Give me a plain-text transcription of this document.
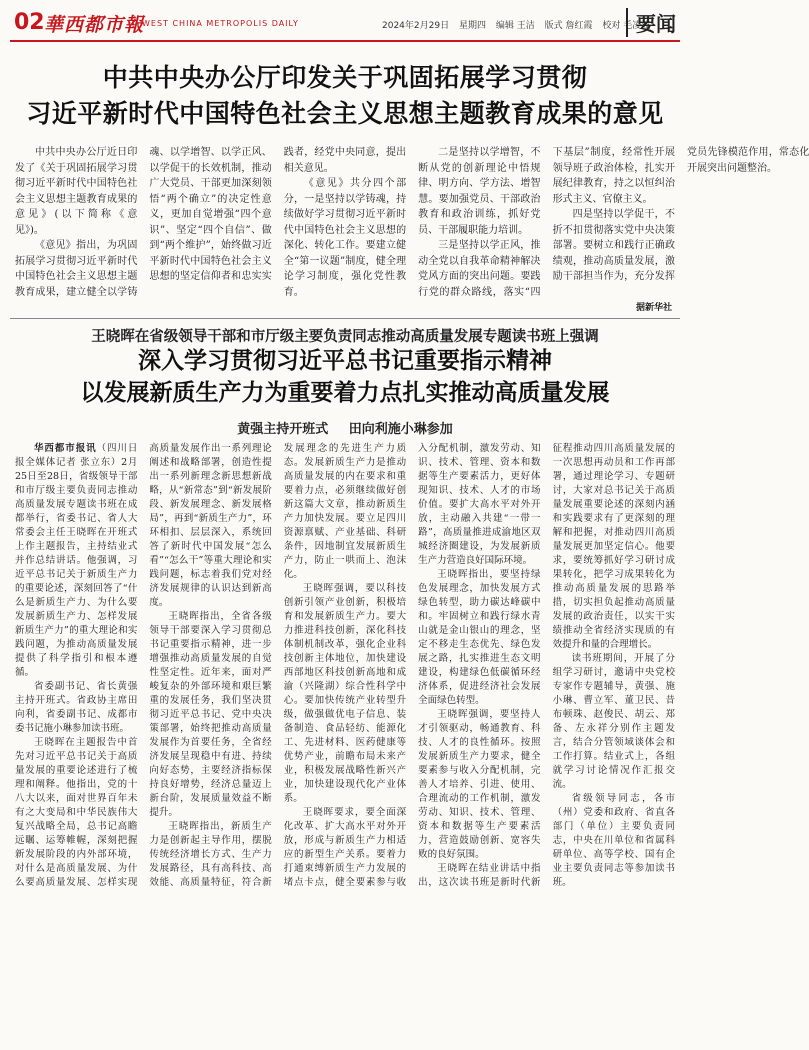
02 華西都市報
WEST CHINA METROPOLIS DAILY	2024年2月29日 星期四 编辑 王洁 版式 詹红霞 校对 毛凌波
要闻
中共中央办公厅印发关于巩固拓展学习贯彻
习近平新时代中国特色社会主义思想主题教育成果的意见

中共中央办公厅近日印发了《关于巩固拓展学习贯彻习近平新时代中国特色社会主义思想主题教育成果的意见》(以下简称《意见》)。

《意见》指出，为巩固拓展学习贯彻习近平新时代中国特色社会主义思想主题教育成果，建立健全以学铸魂、以学增智、以学正风、以学促干的长效机制，推动广大党员、干部更加深刻领悟“两个确立”的决定性意义，更加自觉增强“四个意识”、坚定“四个自信”、做到“两个维护”，始终做习近平新时代中国特色社会主义思想的坚定信仰者和忠实实践者，经党中央同意，提出相关意见。

《意见》共分四个部分，一是坚持以学铸魂，持续做好学习贯彻习近平新时代中国特色社会主义思想的深化、转化工作。要建立健全“第一议题”制度，健全理论学习制度，强化党性教育。

二是坚持以学增智，不断从党的创新理论中悟规律、明方向、学方法、增智慧。要加强党员、干部政治教育和政治训练，抓好党员、干部履职能力培训。

三是坚持以学正风，推动全党以自我革命精神解决党风方面的突出问题。要践行党的群众路线，落实“四下基层”制度，经常性开展领导班子政治体检，扎实开展纪律教育，持之以恒纠治形式主义、官僚主义。

四是坚持以学促干，不折不扣贯彻落实党中央决策部署。要树立和践行正确政绩观，推动高质量发展，激励干部担当作为，充分发挥党员先锋模范作用，常态化开展突出问题整治。

据新华社
王晓晖在省级领导干部和市厅级主要负责同志推动高质量发展专题读书班上强调
深入学习贯彻习近平总书记重要指示精神
以发展新质生产力为重要着力点扎实推动高质量发展
黄强主持开班式 田向利施小琳参加

华西都市报讯（四川日报全媒体记者 张立东）2月25日至28日，省级领导干部和市厅级主要负责同志推动高质量发展专题读书班在成都举行，省委书记、省人大常委会主任王晓晖在开班式上作主题报告，主持结业式并作总结讲话。他强调，习近平总书记关于新质生产力的重要论述，深刻回答了“什么是新质生产力、为什么要发展新质生产力、怎样发展新质生产力”的重大理论和实践问题，为推动高质量发展提供了科学指引和根本遵循。

省委副书记、省长黄强主持开班式。省政协主席田向利，省委副书记、成都市委书记施小琳参加读书班。

王晓晖在主题报告中首先对习近平总书记关于高质量发展的重要论述进行了梳理和阐释。他指出，党的十八大以来，面对世界百年未有之大变局和中华民族伟大复兴战略全局，总书记高瞻远瞩、运筹帷幄，深刻把握新发展阶段的内外部环境，对什么是高质量发展、为什么要高质量发展、怎样实现高质量发展作出一系列理论阐述和战略部署，创造性提出一系列新理念新思想新战略，从“新常态”到“新发展阶段、新发展理念、新发展格局”，再到“新质生产力”，环环相扣、层层深入，系统回答了新时代中国发展“怎么看”“怎么干”等重大理论和实践问题，标志着我们党对经济发展规律的认识达到新高度。

王晓晖指出，全省各级领导干部要深入学习贯彻总书记重要指示精神，进一步增强推动高质量发展的自觉性坚定性。近年来，面对严峻复杂的外部环境和艰巨繁重的发展任务，我们坚决贯彻习近平总书记、党中央决策部署，始终把推动高质量发展作为首要任务，全省经济发展呈现稳中有进、持续向好态势，主要经济指标保持良好增势，经济总量迈上新台阶，发展质量效益不断提升。

王晓晖指出，新质生产力是创新起主导作用，摆脱传统经济增长方式、生产力发展路径，具有高科技、高效能、高质量特征，符合新发展理念的先进生产力质态。发展新质生产力是推动高质量发展的内在要求和重要着力点，必须继续做好创新这篇大文章，推动新质生产力加快发展。要立足四川资源禀赋、产业基础、科研条件，因地制宜发展新质生产力，防止一哄而上、泡沫化。

王晓晖强调，要以科技创新引领产业创新，积极培育和发展新质生产力。要大力推进科技创新，深化科技体制机制改革，强化企业科技创新主体地位，加快建设西部地区科技创新高地和成渝（兴隆湖）综合性科学中心。要加快传统产业转型升级，做强做优电子信息、装备制造、食品轻纺、能源化工、先进材料、医药健康等优势产业，前瞻布局未来产业，积极发展战略性新兴产业，加快建设现代化产业体系。

王晓晖要求，要全面深化改革、扩大高水平对外开放，形成与新质生产力相适应的新型生产关系。要着力打通束缚新质生产力发展的堵点卡点，健全要素参与收入分配机制，激发劳动、知识、技术、管理、资本和数据等生产要素活力，更好体现知识、技术、人才的市场价值。要扩大高水平对外开放，主动融入共建“一带一路”，高质量推进成渝地区双城经济圈建设，为发展新质生产力营造良好国际环境。

王晓晖指出，要坚持绿色发展理念，加快发展方式绿色转型，助力碳达峰碳中和。牢固树立和践行绿水青山就是金山银山的理念，坚定不移走生态优先、绿色发展之路，扎实推进生态文明建设，构建绿色低碳循环经济体系，促进经济社会发展全面绿色转型。

王晓晖强调，要坚持人才引领驱动，畅通教育、科技、人才的良性循环。按照发展新质生产力要求，健全要素参与收入分配机制，完善人才培养、引进、使用、合理流动的工作机制，激发劳动、知识、技术、管理、资本和数据等生产要素活力，营造鼓励创新、宽容失败的良好氛围。

王晓晖在结业讲话中指出，这次读书班是新时代新征程推动四川高质量发展的一次思想再动员和工作再部署，通过理论学习、专题研讨，大家对总书记关于高质量发展重要论述的深刻内涵和实践要求有了更深刻的理解和把握，对推动四川高质量发展更加坚定信心。他要求，要统筹抓好学习研讨成果转化，把学习成果转化为推动高质量发展的思路举措，切实担负起推动高质量发展的政治责任，以实干实绩推动全省经济实现质的有效提升和量的合理增长。

读书班期间，开展了分组学习研讨，邀请中央党校专家作专题辅导，黄强、施小琳、曹立军、董卫民、昔布顿珠、赵俊民、胡云、郑备、左永祥分别作主题发言，结合分管领域谈体会和工作打算。结业式上，各组就学习讨论情况作汇报交流。

省级领导同志，各市（州）党委和政府、省直各部门（单位）主要负责同志，中央在川单位和省属科研单位、高等学校、国有企业主要负责同志等参加读书班。
